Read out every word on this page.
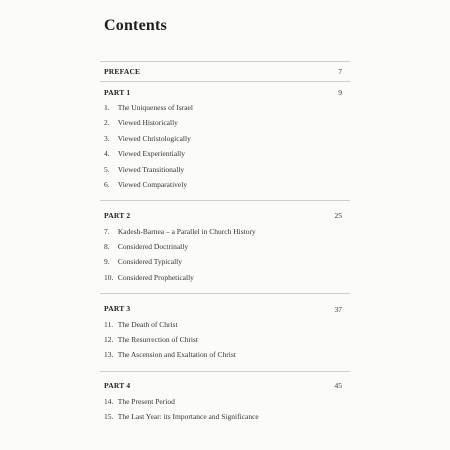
Contents
PREFACE	7
PART 1	9
1. The Uniqueness of Israel
2. Viewed Historically
3. Viewed Christologically
4. Viewed Experientially
5. Viewed Transitionally
6. Viewed Comparatively
PART 2	25
7. Kadesh-Barnea – a Parallel in Church History
8. Considered Doctrinally
9. Considered Typically
10. Considered Prophetically
PART 3	37
11. The Death of Christ
12. The Resurrection of Christ
13. The Ascension and Exaltation of Christ
PART 4	45
14. The Present Period
15. The Last Year: its Importance and Significance
